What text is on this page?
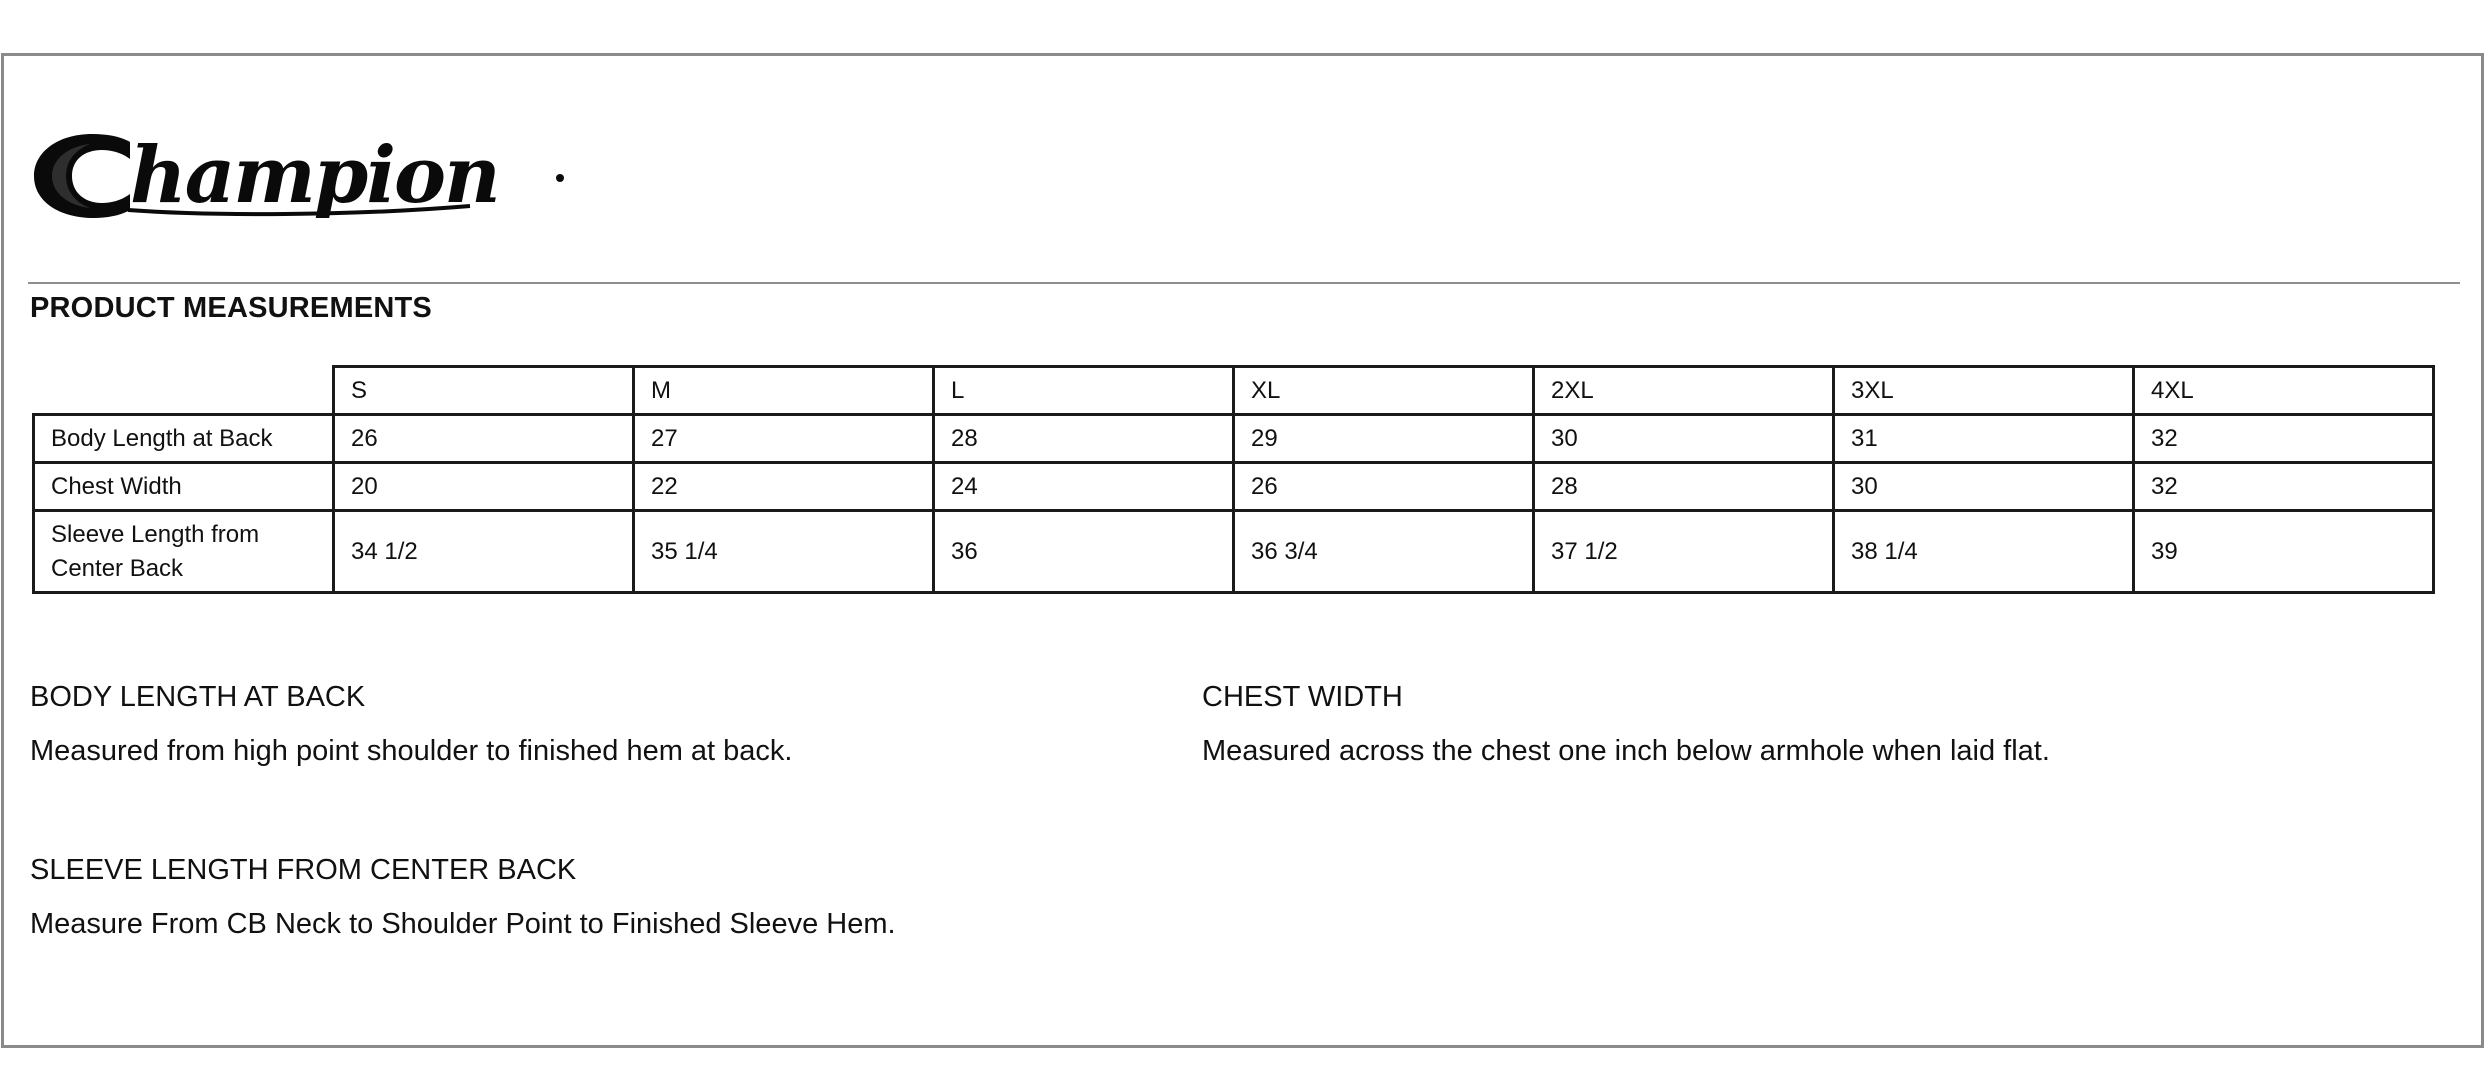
hampion
PRODUCT MEASUREMENTS
	S	M	L	XL	2XL	3XL	4XL
Body Length at Back	26	27	28	29	30	31	32
Chest Width	20	22	24	26	28	30	32
Sleeve Length from Center Back	34 1/2	35 1/4	36	36 3/4	37 1/2	38 1/4	39
BODY LENGTH AT BACK

Measured from high point shoulder to finished hem at back.

CHEST WIDTH

Measured across the chest one inch below armhole when laid flat.

SLEEVE LENGTH FROM CENTER BACK

Measure From CB Neck to Shoulder Point to Finished Sleeve Hem.
